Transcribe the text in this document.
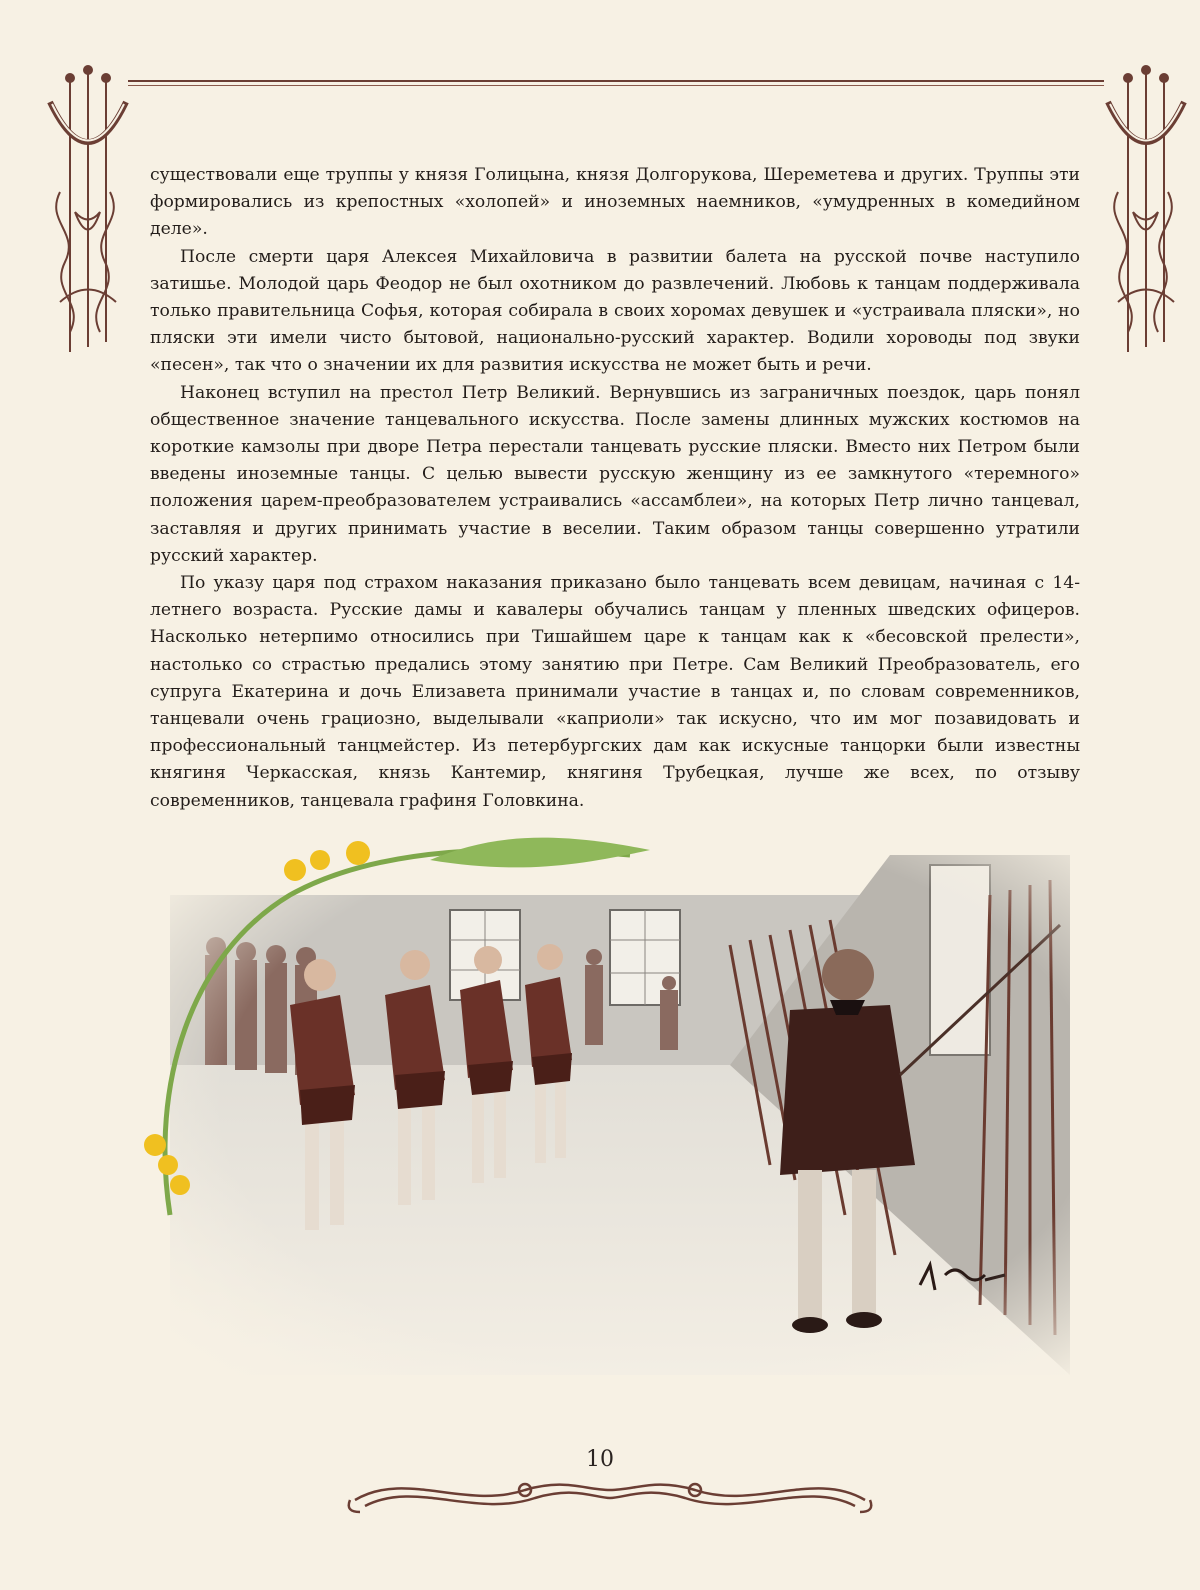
существовали еще труппы у князя Голицына, князя Долгорукова, Шереметева и других. Труппы эти формировались из крепостных «холопей» и иноземных наемников, «умудренных в комедийном деле».

После смерти царя Алексея Михайловича в развитии балета на русской почве наступило затишье. Молодой царь Феодор не был охотником до развлечений. Любовь к танцам поддерживала только правительница Софья, которая собирала в своих хоромах девушек и «устраивала пляски», но пляски эти имели чисто бытовой, национально-русский характер. Водили хороводы под звуки «песен», так что о значении их для развития искусства не может быть и речи.

Наконец вступил на престол Петр Великий. Вернувшись из заграничных поездок, царь понял общественное значение танцевального искусства. После замены длинных мужских костюмов на короткие камзолы при дворе Петра перестали танцевать русские пляски. Вместо них Петром были введены иноземные танцы. С целью вывести русскую женщину из ее замкнутого «теремного» положения царем-преобразователем устраивались «ассамблеи», на которых Петр лично танцевал, заставляя и других принимать участие в веселии. Таким образом танцы совершенно утратили русский характер.

По указу царя под страхом наказания приказано было танцевать всем девицам, начиная с 14-летнего возраста. Русские дамы и кавалеры обучались танцам у пленных шведских офицеров. Насколько нетерпимо относились при Тишайшем царе к танцам как к «бесовской прелести», настолько со страстью предались этому занятию при Петре. Сам Великий Преобразователь, его супруга Екатерина и дочь Елизавета принимали участие в танцах и, по словам современников, танцевали очень грациозно, выделывали «каприоли» так искусно, что им мог позавидовать и профессиональный танцмейстер. Из петербургских дам как искусные танцорки были известны княгиня Черкасская, князь Кантемир, княгиня Трубецкая, лучше же всех, по отзыву современников, танцевала графиня Головкина.

10
